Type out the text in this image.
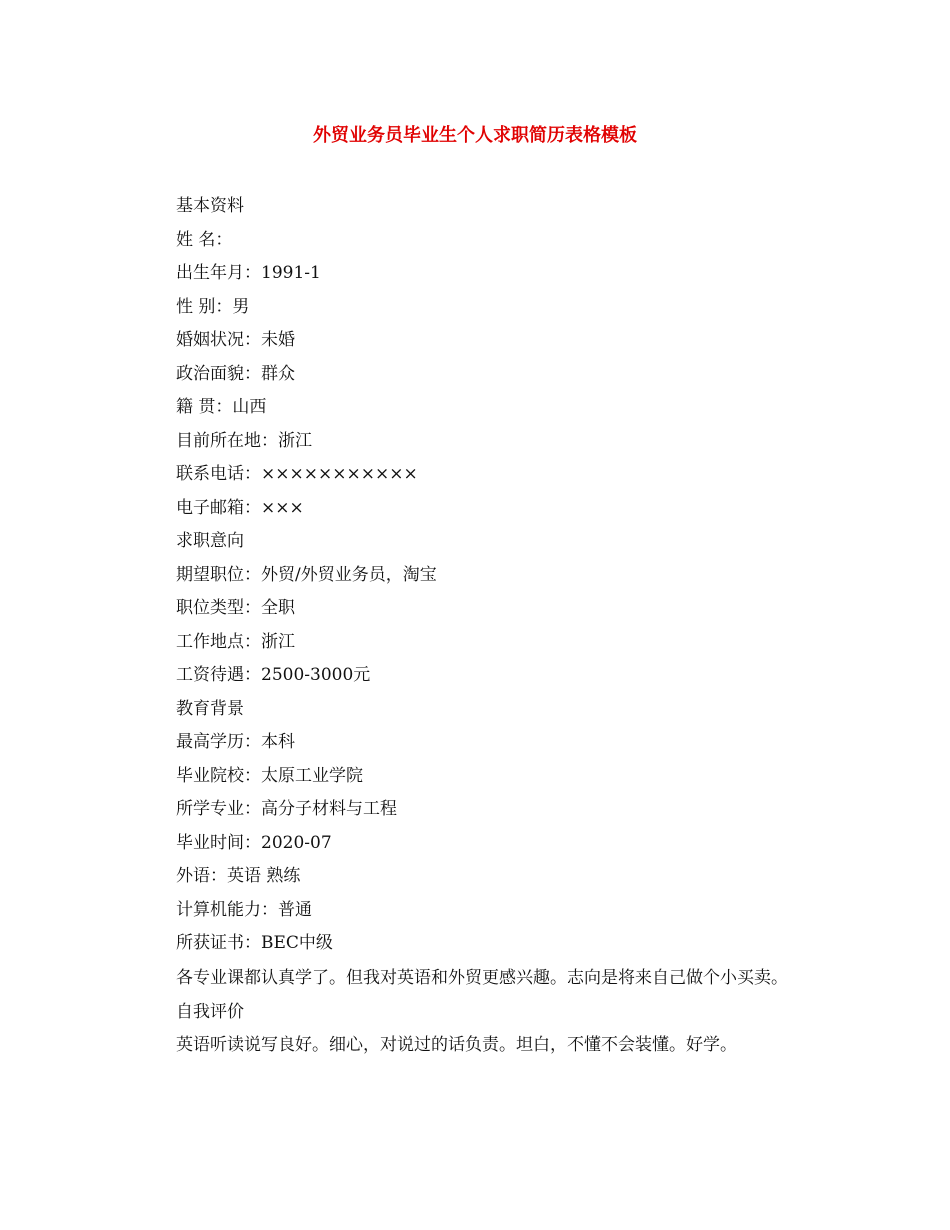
外贸业务员毕业生个人求职简历表格模板

基本资料

姓 名：

出生年月：1991-1

性 别：男

婚姻状况：未婚

政治面貌：群众

籍 贯：山西

目前所在地：浙江

联系电话：×××××××××××

电子邮箱：×××

求职意向

期望职位：外贸/外贸业务员，淘宝

职位类型：全职

工作地点：浙江

工资待遇：2500-3000元

教育背景

最高学历：本科

毕业院校：太原工业学院

所学专业：高分子材料与工程

毕业时间：2020-07

外语：英语 熟练

计算机能力：普通

所获证书：BEC中级

各专业课都认真学了。但我对英语和外贸更感兴趣。志向是将来自己做个小买卖。

自我评价

英语听读说写良好。细心，对说过的话负责。坦白，不懂不会装懂。好学。
